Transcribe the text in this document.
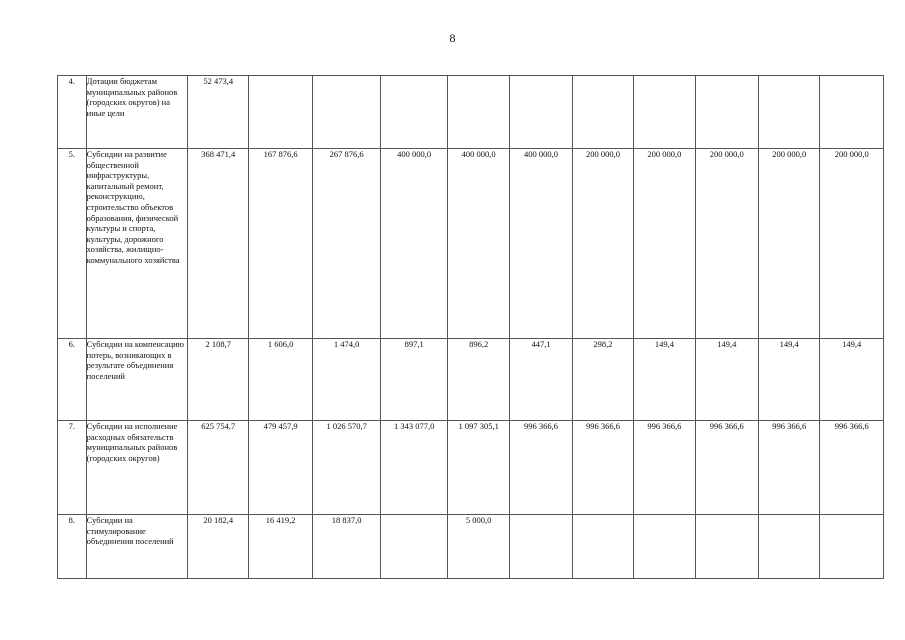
8
4.	Дотации бюджетам муниципальных районов (городских округов) на иные цели	52 473,4										
5.	Субсидии на развитие общественной инфраструктуры, капитальный ремонт, реконструкцию, строительство объектов образования, физической культуры и спорта, культуры, дорожного хозяйства, жилищно-коммунального хозяйства	368 471,4	167 876,6	267 876,6	400 000,0	400 000,0	400 000,0	200 000,0	200 000,0	200 000,0	200 000,0	200 000,0
6.	Субсидии на компенсацию потерь, возникающих в результате объединения поселений	2 108,7	1 606,0	1 474,0	897,1	896,2	447,1	298,2	149,4	149,4	149,4	149,4
7.	Субсидии на исполнение расходных обязательств муниципальных районов (городских округов)	625 754,7	479 457,9	1 026 570,7	1 343 077,0	1 097 305,1	996 366,6	996 366,6	996 366,6	996 366,6	996 366,6	996 366,6
8.	Субсидии на стимулирование объединения поселений	20 182,4	16 419,2	18 837,0		5 000,0						
